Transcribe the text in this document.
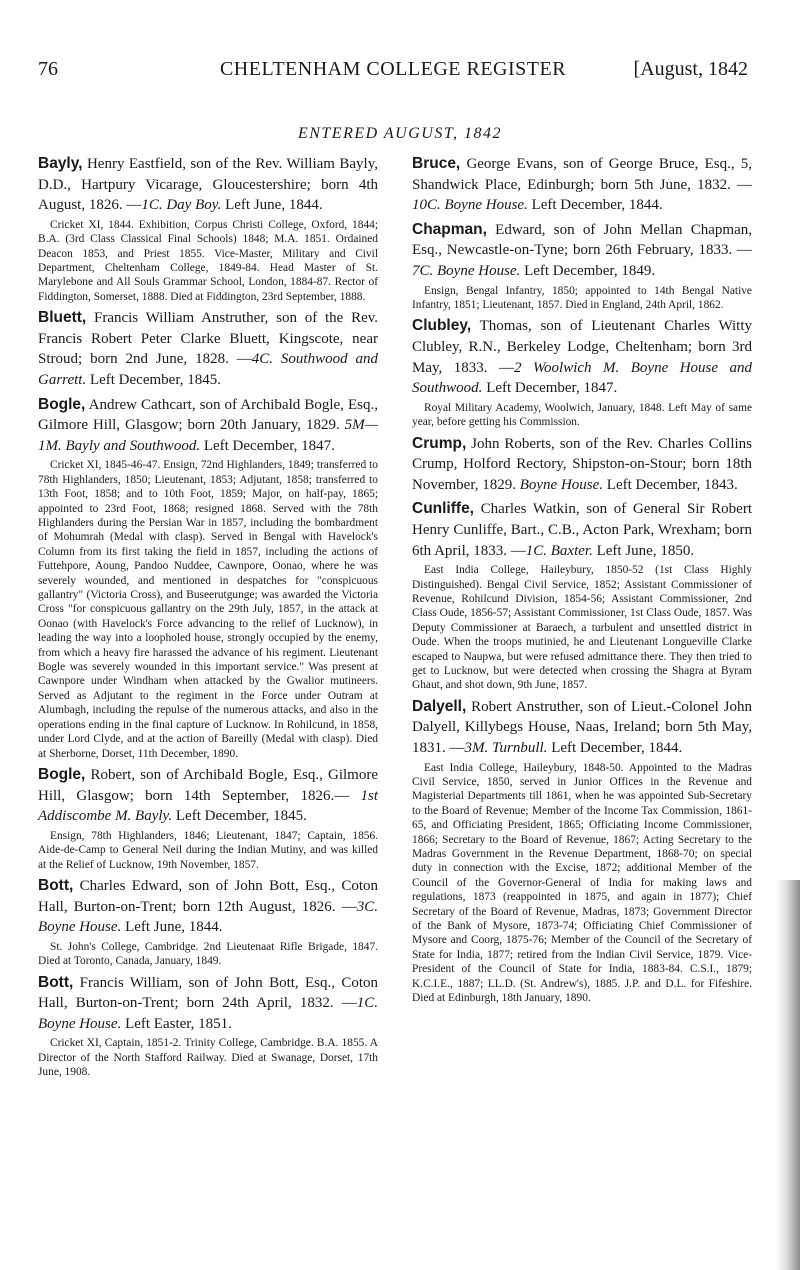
76	CHELTENHAM COLLEGE REGISTER	[August, 1842
ENTERED AUGUST, 1842

Bayly, Henry Eastfield, son of the Rev. William Bayly, D.D., Hartpury Vicarage, Gloucestershire; born 4th August, 1826. —1C. Day Boy. Left June, 1844.

Cricket XI, 1844. Exhibition, Corpus Christi College, Oxford, 1844; B.A. (3rd Class Classical Final Schools) 1848; M.A. 1851. Ordained Deacon 1853, and Priest 1855. Vice-Master, Military and Civil Department, Cheltenham College, 1849-84. Head Master of St. Marylebone and All Souls Grammar School, London, 1884-87. Rector of Fiddington, Somerset, 1888. Died at Fiddington, 23rd September, 1888.

Bluett, Francis William Anstruther, son of the Rev. Francis Robert Peter Clarke Bluett, Kingscote, near Stroud; born 2nd June, 1828. —4C. Southwood and Garrett. Left December, 1845.

Bogle, Andrew Cathcart, son of Archibald Bogle, Esq., Gilmore Hill, Glasgow; born 20th January, 1829. 5M—1M. Bayly and Southwood. Left December, 1847.

Cricket XI, 1845-46-47. Ensign, 72nd Highlanders, 1849; transferred to 78th Highlanders, 1850; Lieutenant, 1853; Adjutant, 1858; transferred to 13th Foot, 1858; and to 10th Foot, 1859; Major, on half-pay, 1865; appointed to 23rd Foot, 1868; resigned 1868. Served with the 78th Highlanders during the Persian War in 1857, including the bombardment of Mohumrah (Medal with clasp). Served in Bengal with Havelock's Column from its first taking the field in 1857, including the actions of Futtehpore, Aoung, Pandoo Nuddee, Cawnpore, Oonao, where he was severely wounded, and mentioned in despatches for "conspicuous gallantry" (Victoria Cross), and Buseerutgunge; was awarded the Victoria Cross "for conspicuous gallantry on the 29th July, 1857, in the attack at Oonao (with Havelock's Force advancing to the relief of Lucknow), in leading the way into a loopholed house, strongly occupied by the enemy, from which a heavy fire harassed the advance of his regiment. Lieutenant Bogle was severely wounded in this important service." Was present at Cawnpore under Windham when attacked by the Gwalior mutineers. Served as Adjutant to the regiment in the Force under Outram at Alumbagh, including the repulse of the numerous attacks, and also in the operations ending in the final capture of Lucknow. In Rohilcund, in 1858, under Lord Clyde, and at the action of Bareilly (Medal with clasp). Died at Sherborne, Dorset, 11th December, 1890.

Bogle, Robert, son of Archibald Bogle, Esq., Gilmore Hill, Glasgow; born 14th September, 1826.— 1st Addiscombe M. Bayly. Left December, 1845.

Ensign, 78th Highlanders, 1846; Lieutenant, 1847; Captain, 1856. Aide-de-Camp to General Neil during the Indian Mutiny, and was killed at the Relief of Lucknow, 19th November, 1857.

Bott, Charles Edward, son of John Bott, Esq., Coton Hall, Burton-on-Trent; born 12th August, 1826. —3C. Boyne House. Left June, 1844.

St. John's College, Cambridge. 2nd Lieutenaat Rifle Brigade, 1847. Died at Toronto, Canada, January, 1849.

Bott, Francis William, son of John Bott, Esq., Coton Hall, Burton-on-Trent; born 24th April, 1832. —1C. Boyne House. Left Easter, 1851.

Cricket XI, Captain, 1851-2. Trinity College, Cambridge. B.A. 1855. A Director of the North Stafford Railway. Died at Swanage, Dorset, 17th June, 1908.

Bruce, George Evans, son of George Bruce, Esq., 5, Shandwick Place, Edinburgh; born 5th June, 1832. —10C. Boyne House. Left December, 1844.

Chapman, Edward, son of John Mellan Chapman, Esq., Newcastle-on-Tyne; born 26th February, 1833. —7C. Boyne House. Left December, 1849.

Ensign, Bengal Infantry, 1850; appointed to 14th Bengal Native Infantry, 1851; Lieutenant, 1857. Died in England, 24th April, 1862.

Clubley, Thomas, son of Lieutenant Charles Witty Clubley, R.N., Berkeley Lodge, Cheltenham; born 3rd May, 1833. —2 Woolwich M. Boyne House and Southwood. Left December, 1847.

Royal Military Academy, Woolwich, January, 1848. Left May of same year, before getting his Commission.

Crump, John Roberts, son of the Rev. Charles Collins Crump, Holford Rectory, Shipston-on-Stour; born 18th November, 1829. Boyne House. Left December, 1843.

Cunliffe, Charles Watkin, son of General Sir Robert Henry Cunliffe, Bart., C.B., Acton Park, Wrexham; born 6th April, 1833. —1C. Baxter. Left June, 1850.

East India College, Haileybury, 1850-52 (1st Class Highly Distinguished). Bengal Civil Service, 1852; Assistant Commissioner of Revenue, Rohilcund Division, 1854-56; Assistant Commissioner, 2nd Class Oude, 1856-57; Assistant Commissioner, 1st Class Oude, 1857. Was Deputy Commissioner at Baraech, a turbulent and unsettled district in Oude. When the troops mutinied, he and Lieutenant Longueville Clarke escaped to Naupwa, but were refused admittance there. They then tried to get to Lucknow, but were detected when crossing the Shagra at Byram Ghaut, and shot down, 9th June, 1857.

Dalyell, Robert Anstruther, son of Lieut.-Colonel John Dalyell, Killybegs House, Naas, Ireland; born 5th May, 1831. —3M. Turnbull. Left December, 1844.

East India College, Haileybury, 1848-50. Appointed to the Madras Civil Service, 1850, served in Junior Offices in the Revenue and Magisterial Departments till 1861, when he was appointed Sub-Secretary to the Board of Revenue; Member of the Income Tax Commission, 1861-65, and Officiating President, 1865; Officiating Income Commissioner, 1866; Secretary to the Board of Revenue, 1867; Acting Secretary to the Madras Government in the Revenue Department, 1868-70; on special duty in connection with the Excise, 1872; additional Member of the Council of the Governor-General of India for making laws and regulations, 1873 (reappointed in 1875, and again in 1877); Chief Secretary of the Board of Revenue, Madras, 1873; Government Director of the Bank of Mysore, 1873-74; Officiating Chief Commissioner of Mysore and Coorg, 1875-76; Member of the Council of the Secretary of State for India, 1877; retired from the Indian Civil Service, 1879. Vice-President of the Council of State for India, 1883-84. C.S.I., 1879; K.C.I.E., 1887; LL.D. (St. Andrew's), 1885. J.P. and D.L. for Fifeshire. Died at Edinburgh, 18th January, 1890.
